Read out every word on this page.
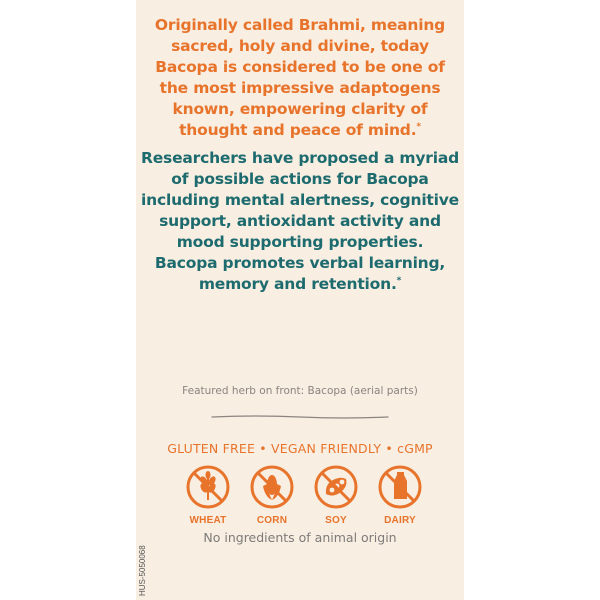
Originally called Brahmi, meaning
sacred, holy and divine, today
Bacopa is considered to be one of
the most impressive adaptogens
known, empowering clarity of
thought and peace of mind.*
Researchers have proposed a myriad
of possible actions for Bacopa
including mental alertness, cognitive
support, antioxidant activity and
mood supporting properties.
Bacopa promotes verbal learning,
memory and retention.*
Featured herb on front: Bacopa (aerial parts)
GLUTEN FREE • VEGAN FRIENDLY • cGMP
WHEAT	CORN	SOY	DAIRY
No ingredients of animal origin
HUS-5050068
